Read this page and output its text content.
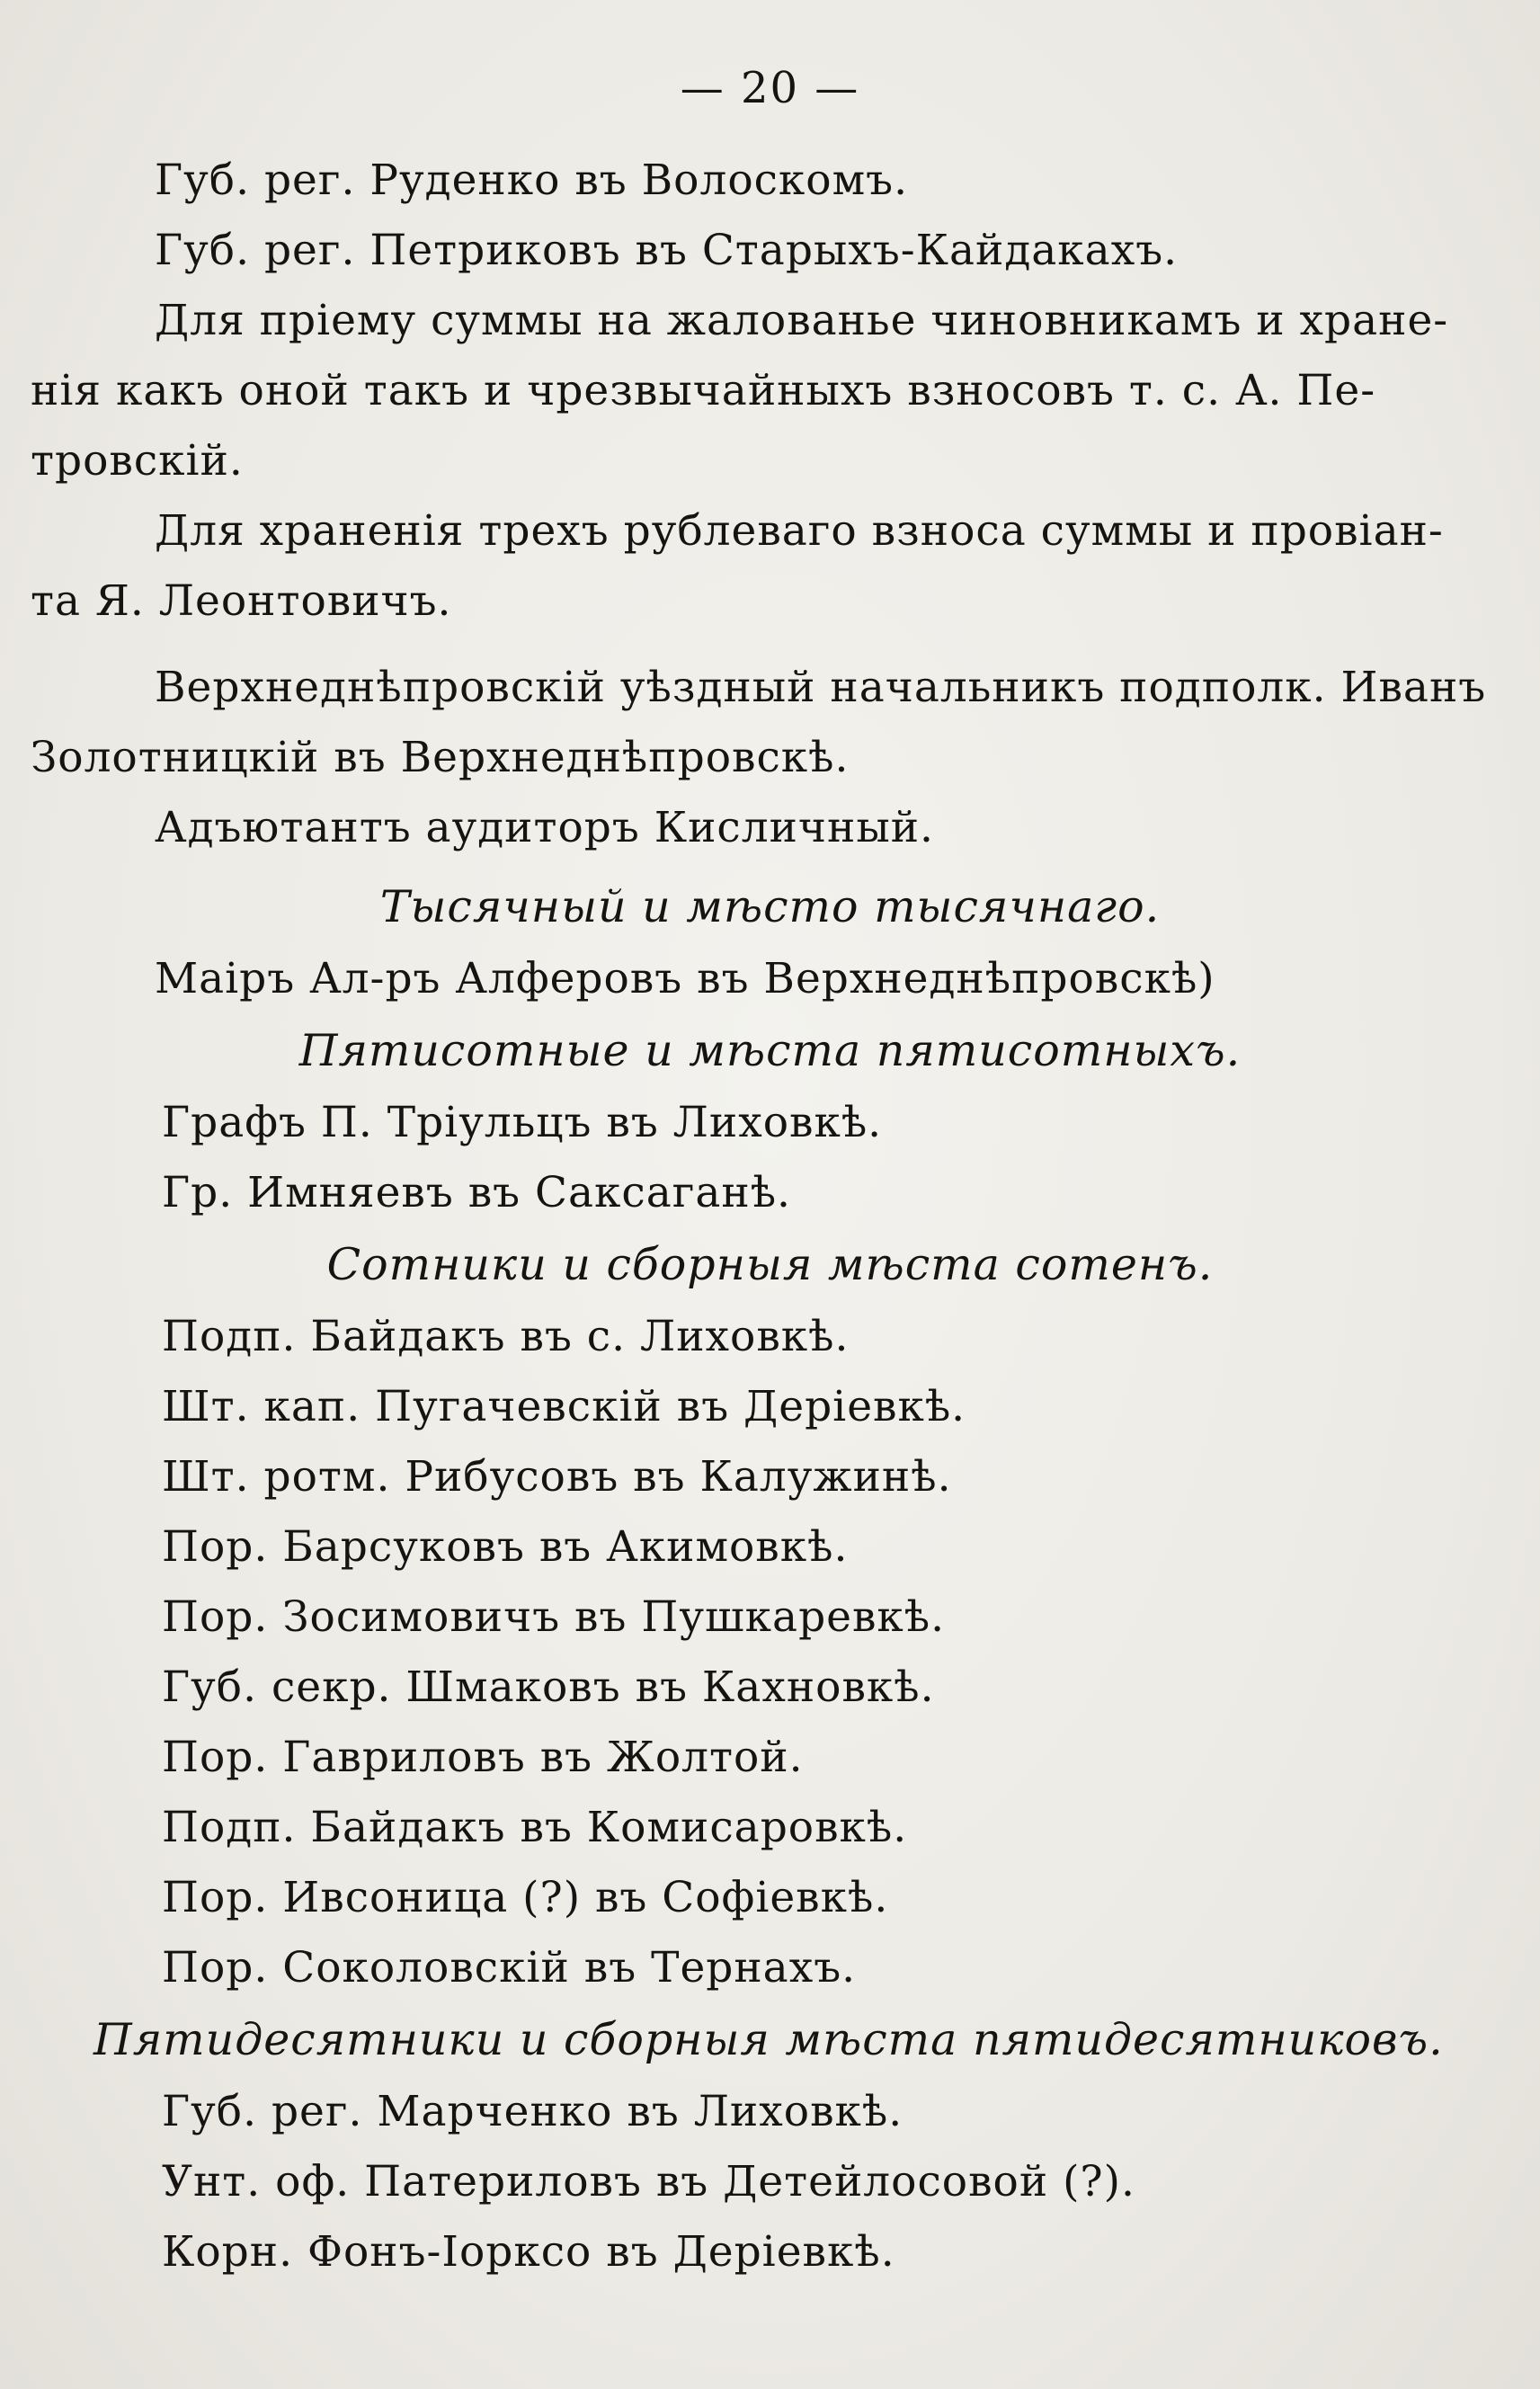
— 20 —

Губ. рег. Руденко въ Волоскомъ.

Губ. рег. Петриковъ въ Старыхъ-Кайдакахъ.

Для пріему суммы на жалованье чиновникамъ и хране-

нія какъ оной такъ и чрезвычайныхъ взносовъ т. с. А. Пе-

тровскій.

Для храненія трехъ рублеваго взноса суммы и провіан-

та Я. Леонтовичъ.

Верхнеднѣпровскій уѣздный начальникъ подполк. Иванъ

Золотницкій въ Верхнеднѣпровскѣ.

Адъютантъ аудиторъ Кисличный.

Тысячный и мѣсто тысячнаго.

Маіръ Ал-ръ Алферовъ въ Верхнеднѣпровскѣ)

Пятисотные и мѣста пятисотныхъ.

Графъ П. Тріульцъ въ Лиховкѣ.

Гр. Имняевъ въ Саксаганѣ.

Сотники и сборныя мѣста сотенъ.

Подп. Байдакъ въ с. Лиховкѣ.

Шт. кап. Пугачевскій въ Деріевкѣ.

Шт. ротм. Рибусовъ въ Калужинѣ.

Пор. Барсуковъ въ Акимовкѣ.

Пор. Зосимовичъ въ Пушкаревкѣ.

Губ. секр. Шмаковъ въ Кахновкѣ.

Пор. Гавриловъ въ Жолтой.

Подп. Байдакъ въ Комисаровкѣ.

Пор. Ивсоница (?) въ Софіевкѣ.

Пор. Соколовскій въ Тернахъ.

Пятидесятники и сборныя мѣста пятидесятниковъ.

Губ. рег. Марченко въ Лиховкѣ.

Унт. оф. Патериловъ въ Детейлосовой (?).

Корн. Фонъ-Іорксо въ Деріевкѣ.
